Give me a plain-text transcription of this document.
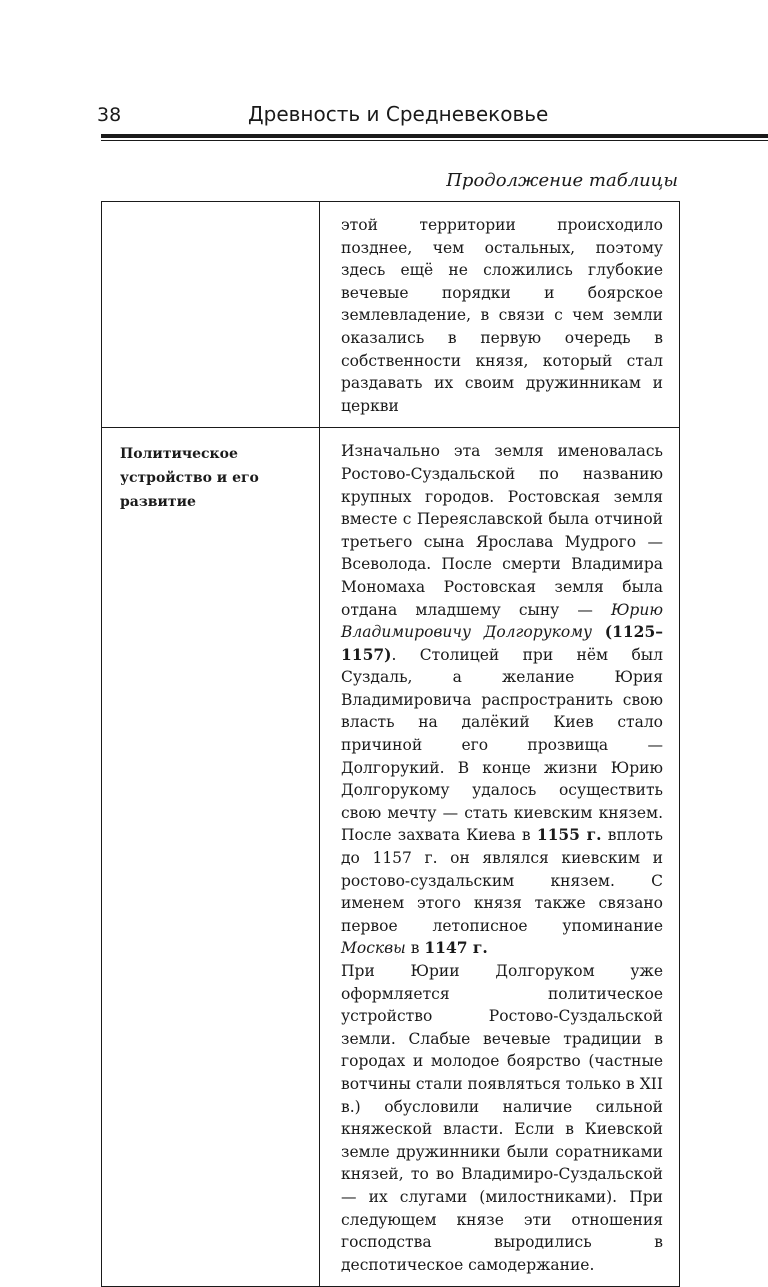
38	Древность и Средневековье
Продолжение таблицы

	этой территории происходило позднее, чем остальных, поэтому здесь ещё не сложились глубокие вечевые порядки и боярское землевладение, в связи с чем земли оказались в первую очередь в собственности князя, который стал раздавать их своим дружинникам и церкви

Политическое устройство и его развитие	Изначально эта земля именовалась Ростово-Суздальской по названию крупных городов. Ростовская земля вместе с Переяславской была отчиной третьего сына Ярослава Мудрого — Всеволода. После смерти Владимира Мономаха Ростовская земля была отдана младшему сыну — Юрию Владимировичу Долгорукому (1125–1157). Столицей при нём был Суздаль, а желание Юрия Владимировича распространить свою власть на далёкий Киев стало причиной его прозвища — Долгорукий. В конце жизни Юрию Долгорукому удалось осуществить свою мечту — стать киевским князем. После захвата Киева в 1155 г. вплоть до 1157 г. он являлся киевским и ростово-суздальским князем. С именем этого князя также связано первое летописное упоминание Москвы в 1147 г.

При Юрии Долгоруком уже оформляется политическое устройство Ростово-Суздальской земли. Слабые вечевые традиции в городах и молодое боярство (частные вотчины стали появляться только в XII в.) обусловили наличие сильной княжеской власти. Если в Киевской земле дружинники были соратниками князей, то во Владимиро-Суздальской — их слугами (милостниками). При следующем князе эти отношения господства выродились в деспотическое самодержание.
